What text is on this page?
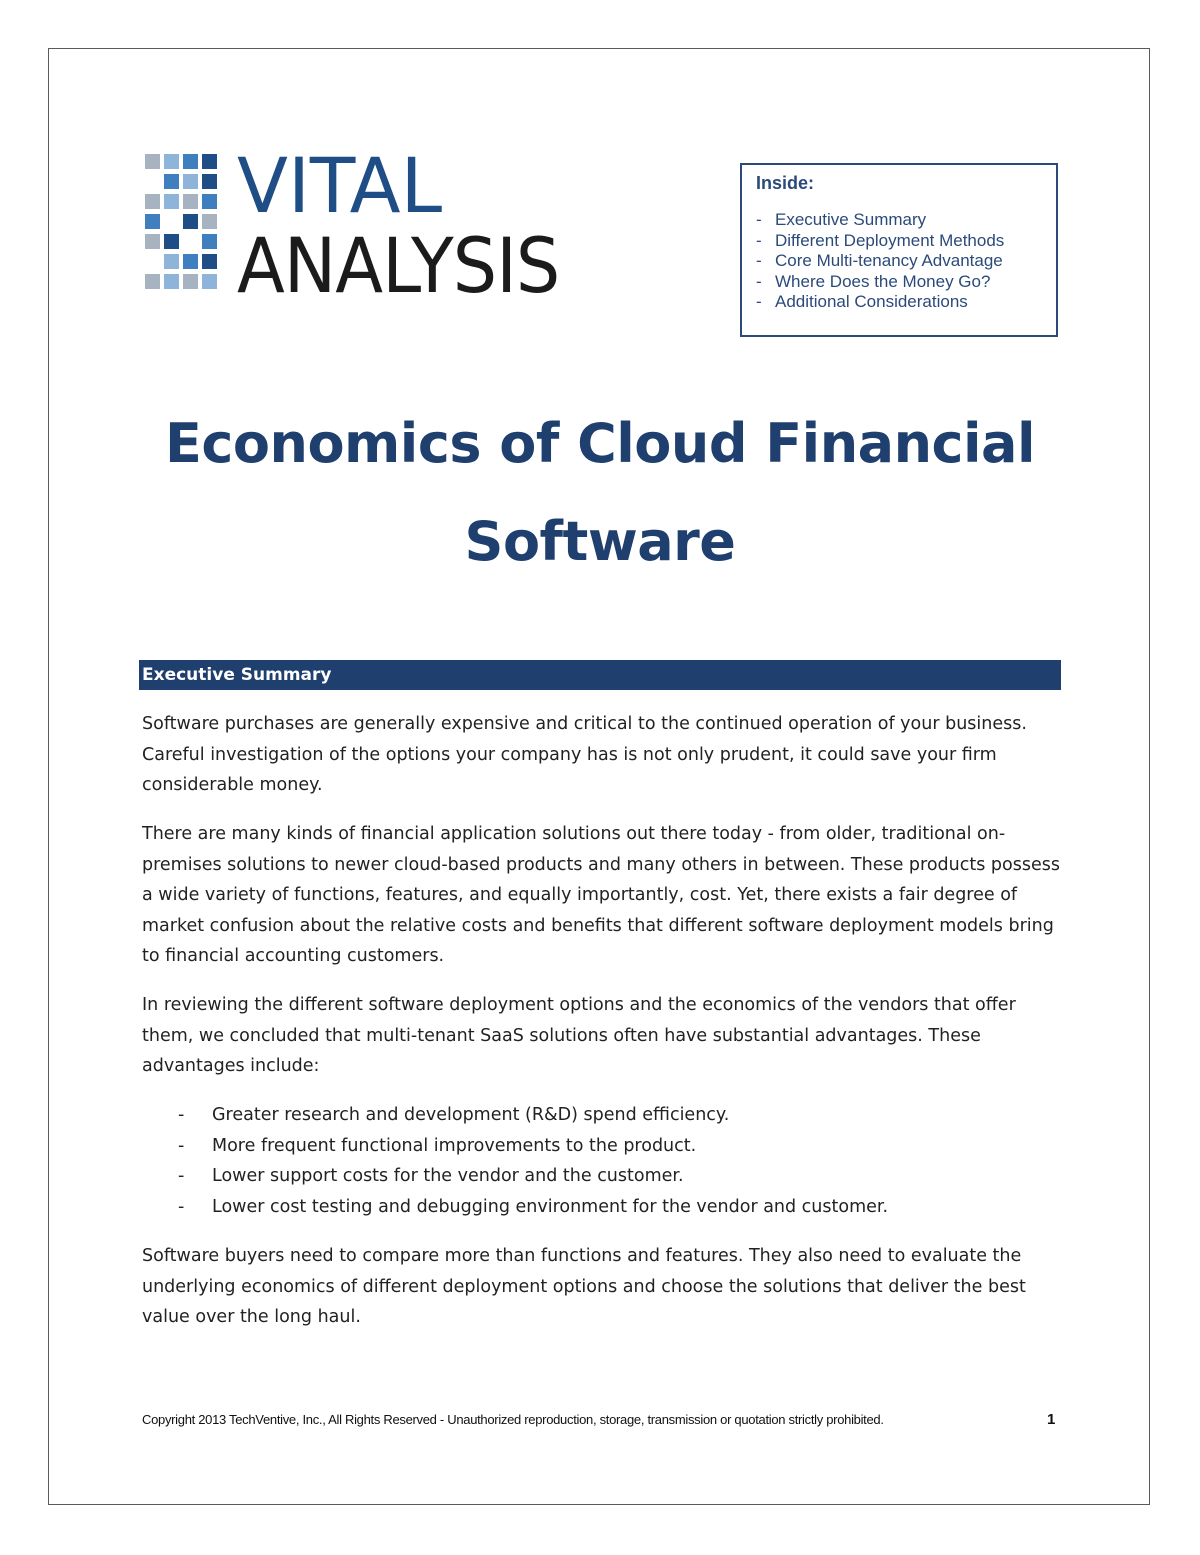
VITAL
ANALYSIS
Inside:
- Executive Summary
- Different Deployment Methods
- Core Multi-tenancy Advantage
- Where Does the Money Go?
- Additional Considerations
Economics of Cloud Financial
Software
Executive Summary

Software purchases are generally expensive and critical to the continued operation of your business. Careful investigation of the options your company has is not only prudent, it could save your firm considerable money.

There are many kinds of financial application solutions out there today - from older, traditional on-premises solutions to newer cloud-based products and many others in between. These products possess a wide variety of functions, features, and equally importantly, cost. Yet, there exists a fair degree of market confusion about the relative costs and benefits that different software deployment models bring to financial accounting customers.

In reviewing the different software deployment options and the economics of the vendors that offer them, we concluded that multi-tenant SaaS solutions often have substantial advantages. These advantages include:

-	Greater research and development (R&D) spend efficiency.
-	More frequent functional improvements to the product.
-	Lower support costs for the vendor and the customer.
-	Lower cost testing and debugging environment for the vendor and customer.

Software buyers need to compare more than functions and features. They also need to evaluate the underlying economics of different deployment options and choose the solutions that deliver the best value over the long haul.

Copyright 2013 TechVentive, Inc., All Rights Reserved - Unauthorized reproduction, storage, transmission or quotation strictly prohibited.	1
